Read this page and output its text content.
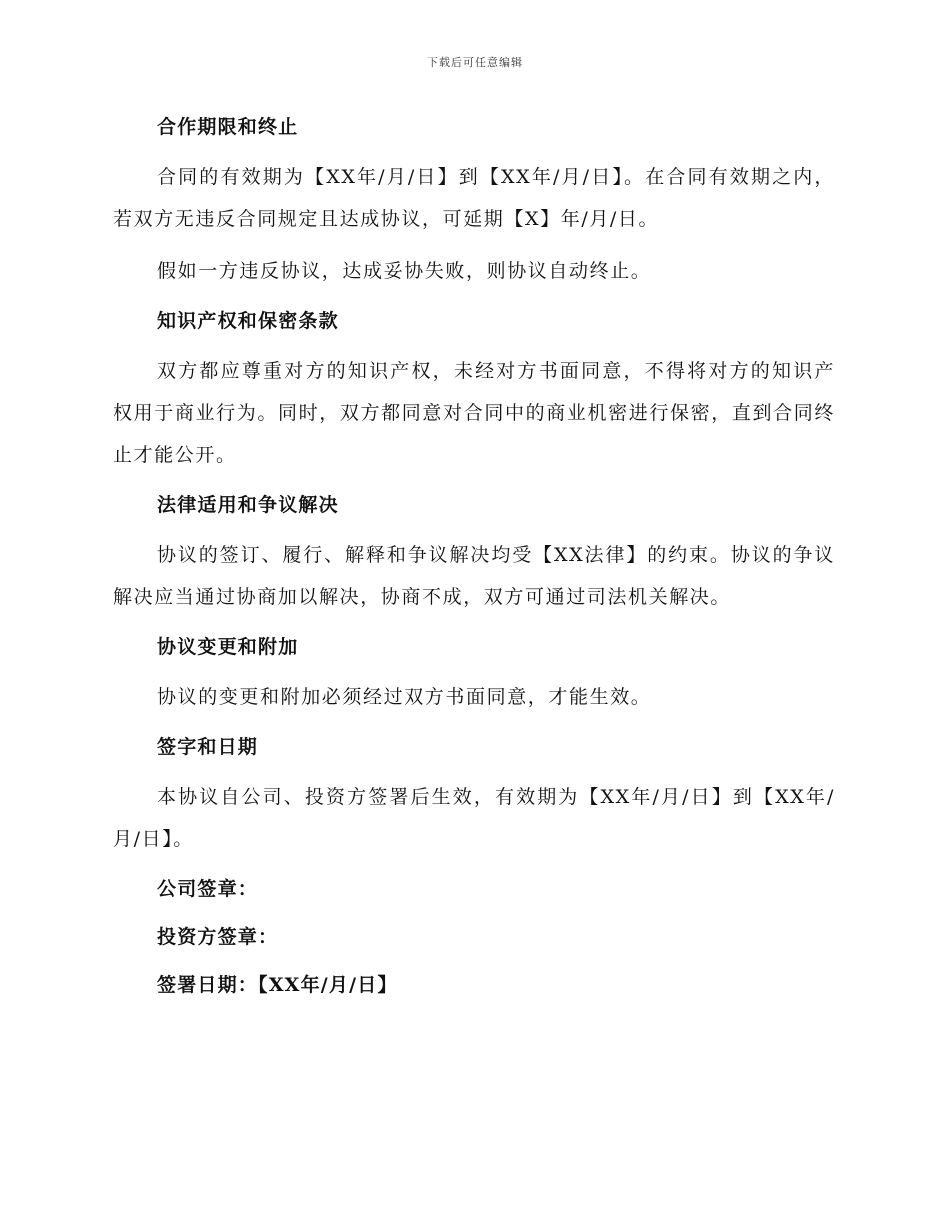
下载后可任意编辑

合作期限和终止

合同的有效期为【XX年/月/日】到【XX年/月/日】。在合同有效期之内，若双方无违反合同规定且达成协议，可延期【X】年/月/日。

假如一方违反协议，达成妥协失败，则协议自动终止。

知识产权和保密条款

双方都应尊重对方的知识产权，未经对方书面同意，不得将对方的知识产权用于商业行为。同时，双方都同意对合同中的商业机密进行保密，直到合同终止才能公开。

法律适用和争议解决

协议的签订、履行、解释和争议解决均受【XX法律】的约束。协议的争议解决应当通过协商加以解决，协商不成，双方可通过司法机关解决。

协议变更和附加

协议的变更和附加必须经过双方书面同意，才能生效。

签字和日期

本协议自公司、投资方签署后生效，有效期为【XX年/月/日】到【XX年/月/日】。

公司签章：

投资方签章：

签署日期：【XX年/月/日】
